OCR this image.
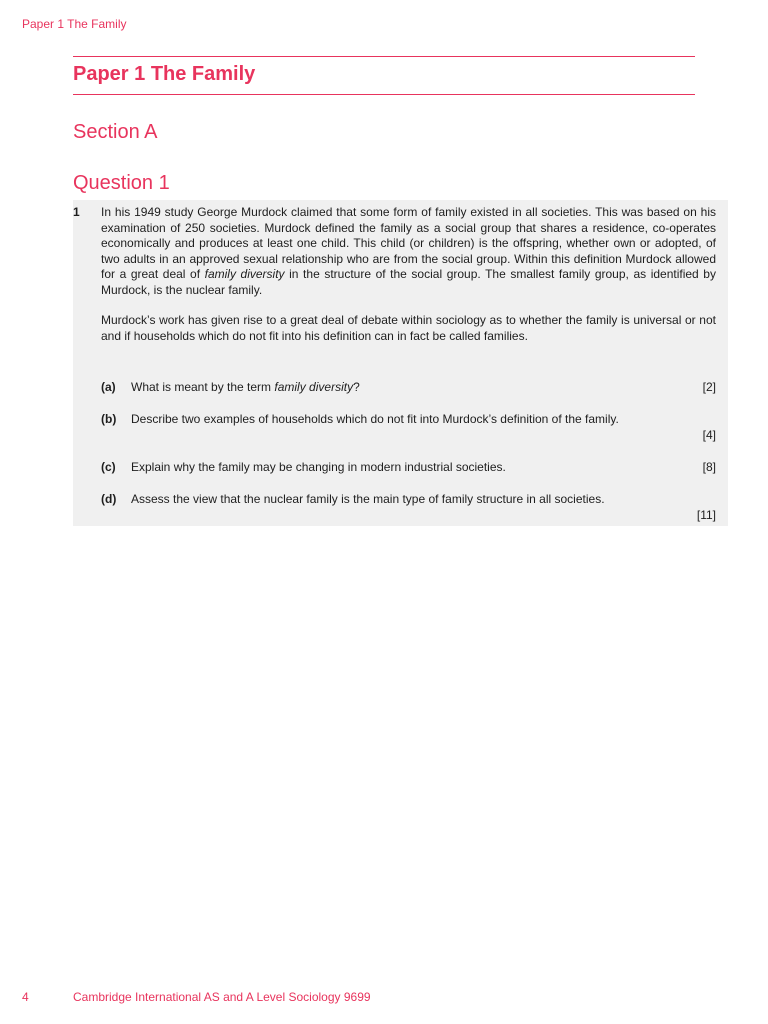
Paper 1 The Family
Paper 1 The Family
Section A
Question 1
1 In his 1949 study George Murdock claimed that some form of family existed in all societies. This was based on his examination of 250 societies. Murdock defined the family as a social group that shares a residence, co-operates economically and produces at least one child. This child (or children) is the offspring, whether own or adopted, of two adults in an approved sexual relationship who are from the social group. Within this definition Murdock allowed for a great deal of family diversity in the structure of the social group. The smallest family group, as identified by Murdock, is the nuclear family.

Murdock’s work has given rise to a great deal of debate within sociology as to whether the family is universal or not and if households which do not fit into his definition can in fact be called families.

(a)	What is meant by the term family diversity?	[2]
(b)	Describe two examples of households which do not fit into Murdock’s definition of the family.
[4]
(c)	Explain why the family may be changing in modern industrial societies.	[8]
(d)	Assess the view that the nuclear family is the main type of family structure in all societies.
[11]
4	Cambridge International AS and A Level Sociology 9699
